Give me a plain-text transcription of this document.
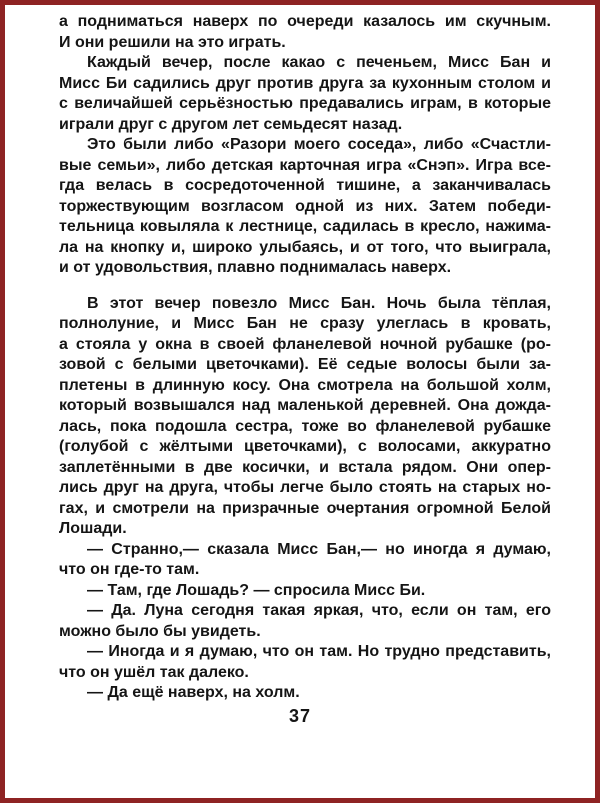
а подниматься наверх по очереди казалось им скучным.
И они решили на это играть.
Каждый вечер, после какао с печеньем, Мисс Бан и
Мисс Би садились друг против друга за кухонным столом и
с величайшей серьёзностью предавались играм, в которые
играли друг с другом лет семьдесят назад.
Это были либо «Разори моего соседа», либо «Счастли-
вые семьи», либо детская карточная игра «Снэп». Игра все-
гда велась в сосредоточенной тишине, а заканчивалась
торжествующим возгласом одной из них. Затем победи-
тельница ковыляла к лестнице, садилась в кресло, нажима-
ла на кнопку и, широко улыбаясь, и от того, что выиграла,
и от удовольствия, плавно поднималась наверх.
В этот вечер повезло Мисс Бан. Ночь была тёплая,
полнолуние, и Мисс Бан не сразу улеглась в кровать,
а стояла у окна в своей фланелевой ночной рубашке (ро-
зовой с белыми цветочками). Её седые волосы были за-
плетены в длинную косу. Она смотрела на большой холм,
который возвышался над маленькой деревней. Она дожда-
лась, пока подошла сестра, тоже во фланелевой рубашке
(голубой с жёлтыми цветочками), с волосами, аккуратно
заплетёнными в две косички, и встала рядом. Они опер-
лись друг на друга, чтобы легче было стоять на старых но-
гах, и смотрели на призрачные очертания огромной Белой
Лошади.
— Странно,— сказала Мисс Бан,— но иногда я думаю,
что он где-то там.
— Там, где Лошадь? — спросила Мисс Би.
— Да. Луна сегодня такая яркая, что, если он там, его
можно было бы увидеть.
— Иногда и я думаю, что он там. Но трудно представить,
что он ушёл так далеко.
— Да ещё наверх, на холм.
37
